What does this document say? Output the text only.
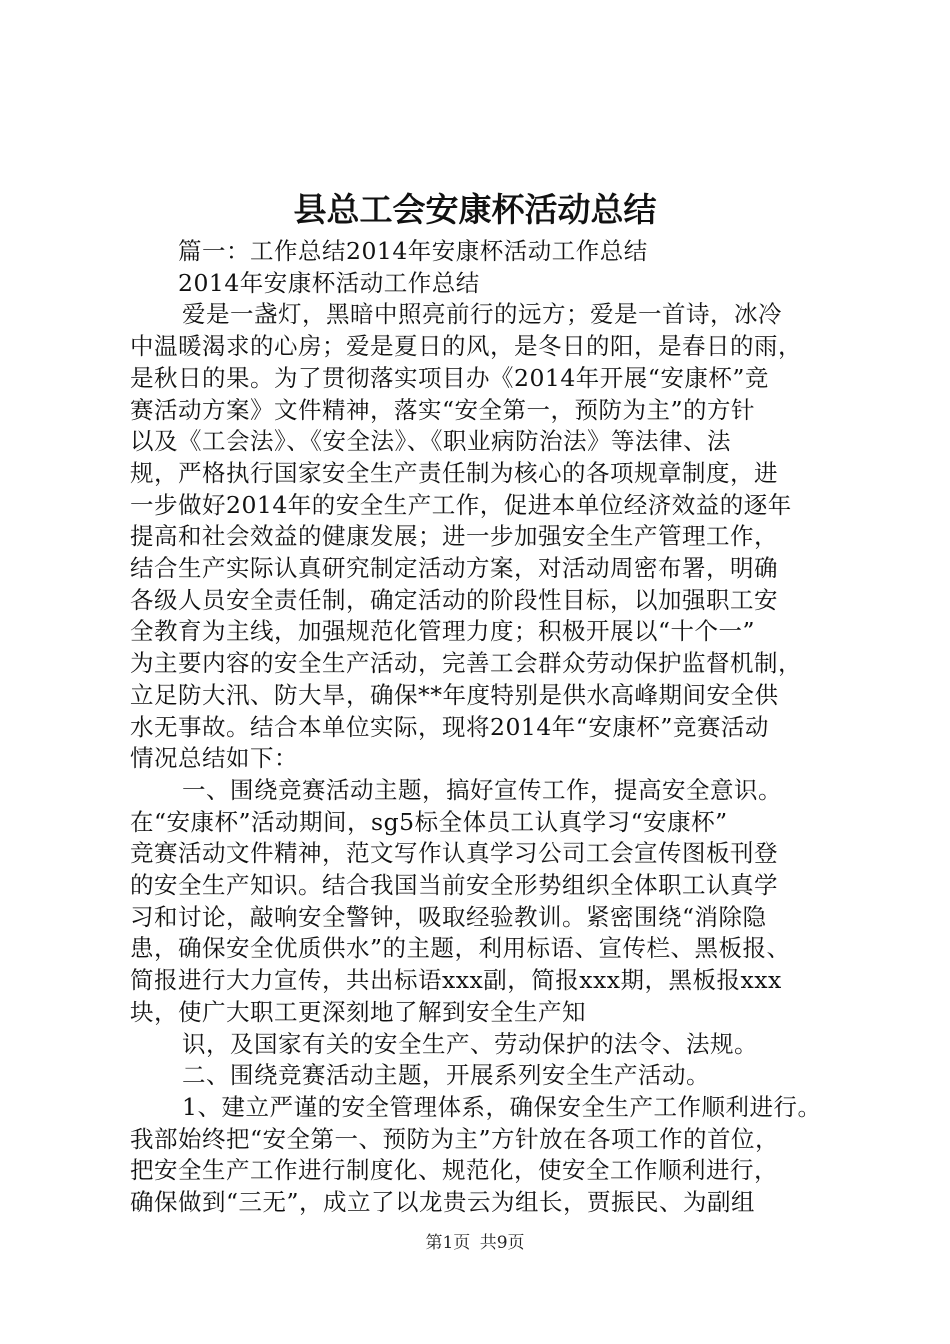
县总工会安康杯活动总结
篇一：工作总结2014年安康杯活动工作总结
2014年安康杯活动工作总结
爱是一盏灯，黑暗中照亮前行的远方；爱是一首诗，冰冷
中温暖渴求的心房；爱是夏日的风，是冬日的阳，是春日的雨，
是秋日的果。为了贯彻落实项目办《2014年开展“安康杯”竞
赛活动方案》文件精神，落实“安全第一，预防为主”的方针
以及《工会法》、《安全法》、《职业病防治法》等法律、法
规，严格执行国家安全生产责任制为核心的各项规章制度，进
一步做好2014年的安全生产工作，促进本单位经济效益的逐年
提高和社会效益的健康发展；进一步加强安全生产管理工作，
结合生产实际认真研究制定活动方案，对活动周密布署，明确
各级人员安全责任制，确定活动的阶段性目标，以加强职工安
全教育为主线，加强规范化管理力度；积极开展以“十个一”
为主要内容的安全生产活动，完善工会群众劳动保护监督机制，
立足防大汛、防大旱，确保**年度特别是供水高峰期间安全供
水无事故。结合本单位实际，现将2014年“安康杯”竞赛活动
情况总结如下：
一、围绕竞赛活动主题，搞好宣传工作，提高安全意识。
在“安康杯”活动期间，sg5标全体员工认真学习“安康杯”
竞赛活动文件精神，范文写作认真学习公司工会宣传图板刊登
的安全生产知识。结合我国当前安全形势组织全体职工认真学
习和讨论，敲响安全警钟，吸取经验教训。紧密围绕“消除隐
患，确保安全优质供水”的主题，利用标语、宣传栏、黑板报、
简报进行大力宣传，共出标语xxx副，简报xxx期，黑板报xxx
块，使广大职工更深刻地了解到安全生产知
识，及国家有关的安全生产、劳动保护的法令、法规。
二、围绕竞赛活动主题，开展系列安全生产活动。
1、建立严谨的安全管理体系，确保安全生产工作顺利进行。
我部始终把“安全第一、预防为主”方针放在各项工作的首位，
把安全生产工作进行制度化、规范化，使安全工作顺利进行，
确保做到“三无”，成立了以龙贵云为组长，贾振民、为副组
第1页 共9页
